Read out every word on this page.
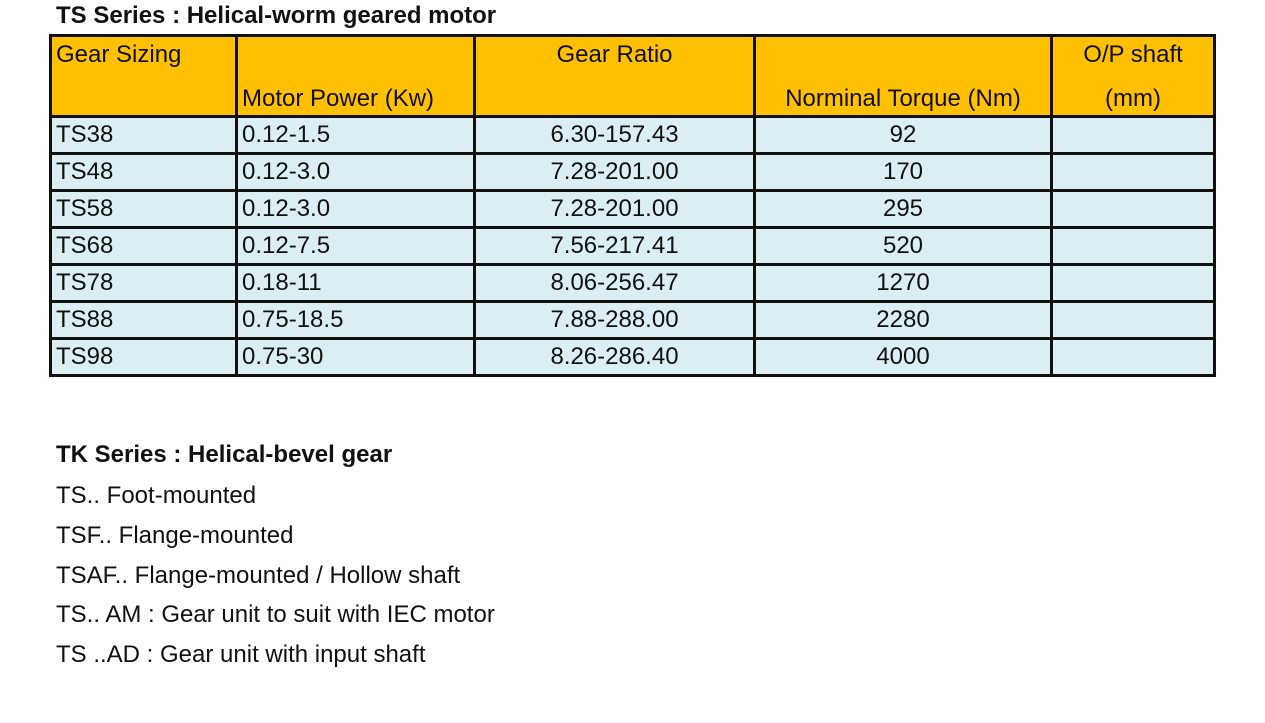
TS Series : Helical-worm geared motor
Gear Sizing	Motor Power (Kw)	Gear Ratio	Norminal Torque (Nm)	O/P shaft
(mm)

TS38	0.12-1.5	6.30-157.43	92	
TS48	0.12-3.0	7.28-201.00	170	
TS58	0.12-3.0	7.28-201.00	295	
TS68	0.12-7.5	7.56-217.41	520	
TS78	0.18-11	8.06-256.47	1270	
TS88	0.75-18.5	7.88-288.00	2280	
TS98	0.75-30	8.26-286.40	4000	
TK Series : Helical-bevel gear
TS.. Foot-mounted
TSF.. Flange-mounted
TSAF.. Flange-mounted / Hollow shaft
TS.. AM : Gear unit to suit with IEC motor
TS ..AD : Gear unit with input shaft
